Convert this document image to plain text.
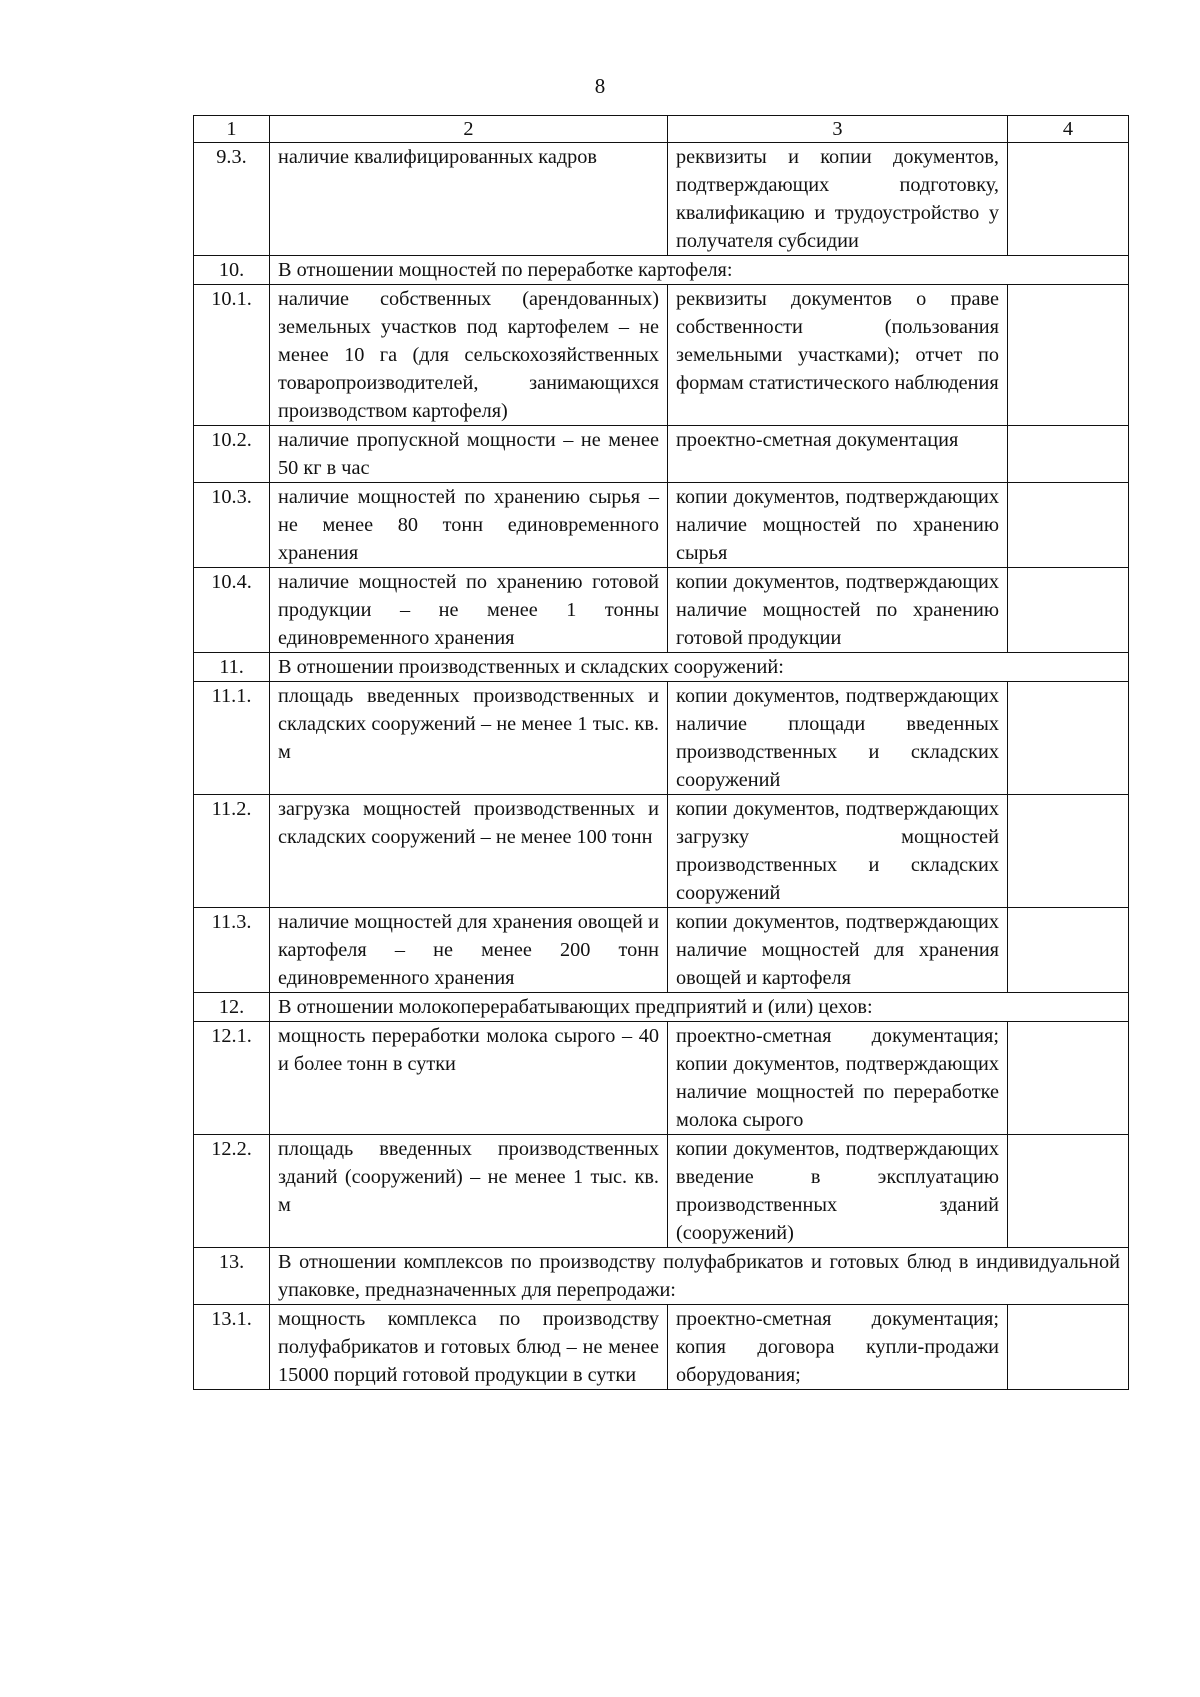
8
1	2	3	4
9.3.	наличие квалифицированных кадров	реквизиты и копии документов, подтверждающих подготовку, квалификацию и трудоустройство у получателя субсидии	
10.	В отношении мощностей по переработке картофеля:		
10.1.	наличие собственных (арендованных) земельных участков под картофелем – не менее 10 га (для сельскохозяйственных товаропроизводителей, занимающихся производством картофеля)	реквизиты документов о праве собственности (пользования земельными участками); отчет по формам статистического наблюдения	
10.2.	наличие пропускной мощности – не менее 50 кг в час	проектно-сметная документация	
10.3.	наличие мощностей по хранению сырья – не менее 80 тонн единовременного хранения	копии документов, подтверждающих наличие мощностей по хранению сырья	
10.4.	наличие мощностей по хранению готовой продукции – не менее 1 тонны единовременного хранения	копии документов, подтверждающих наличие мощностей по хранению готовой продукции	
11.	В отношении производственных и складских сооружений:		
11.1.	площадь введенных производственных и складских сооружений – не менее 1 тыс. кв. м	копии документов, подтверждающих наличие площади введенных производственных и складских сооружений	
11.2.	загрузка мощностей производственных и складских сооружений – не менее 100 тонн	копии документов, подтверждающих загрузку мощностей производственных и складских сооружений	
11.3.	наличие мощностей для хранения овощей и картофеля – не менее 200 тонн единовременного хранения	копии документов, подтверждающих наличие мощностей для хранения овощей и картофеля	
12.	В отношении молокоперерабатывающих предприятий и (или) цехов:		
12.1.	мощность переработки молока сырого – 40 и более тонн в сутки	проектно-сметная документация; копии документов, подтверждающих наличие мощностей по переработке молока сырого	
12.2.	площадь введенных производственных зданий (сооружений) – не менее 1 тыс. кв. м	копии документов, подтверждающих введение в эксплуатацию производственных зданий (сооружений)	
13.	В отношении комплексов по производству полуфабрикатов и готовых блюд в индивидуальной упаковке, предназначенных для перепродажи:		
13.1.	мощность комплекса по производству полуфабрикатов и готовых блюд – не менее 15000 порций готовой продукции в сутки	проектно-сметная документация; копия договора купли-продажи оборудования;	
